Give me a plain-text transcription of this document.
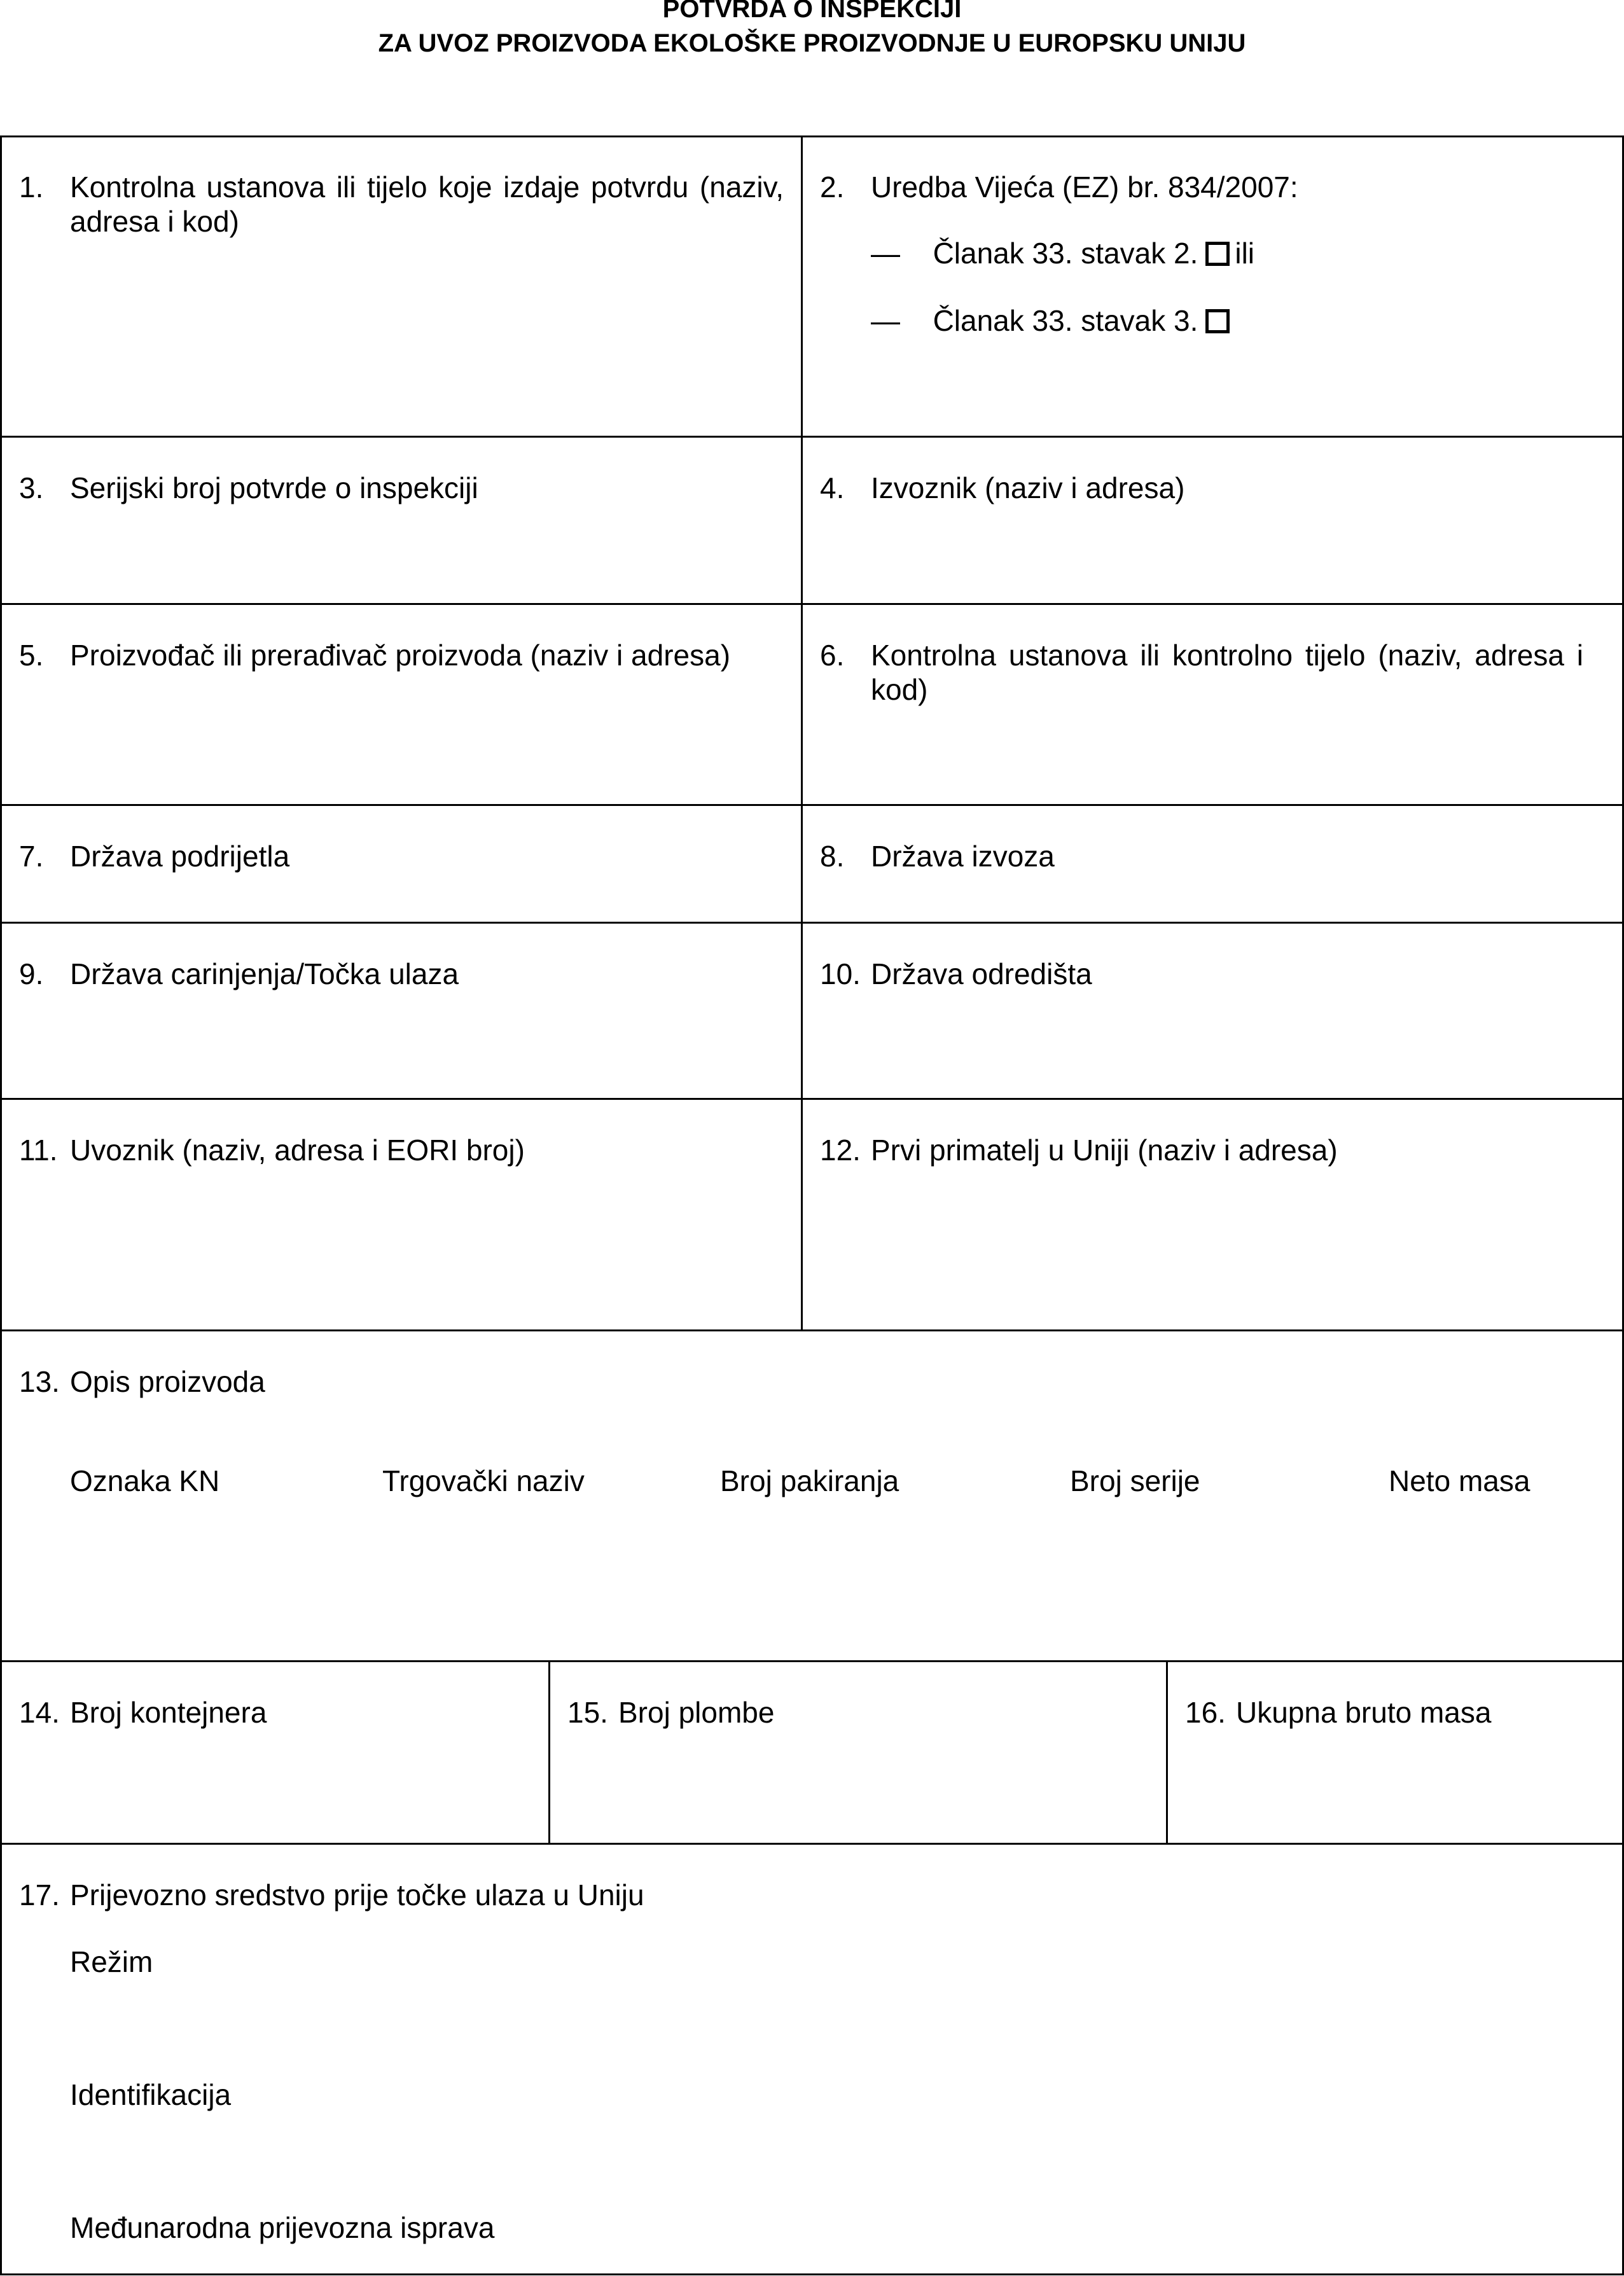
POTVRDA O INSPEKCIJI
ZA UVOZ PROIZVODA EKOLOŠKE PROIZVODNJE U EUROPSKU UNIJU
1. Kontrolna ustanova ili tijelo koje izdaje potvrdu (naziv, adresa i kod)
2. Uredba Vijeća (EZ) br. 834/2007:
— Članak 33. stavak 2. ili
— Članak 33. stavak 3.
3. Serijski broj potvrde o inspekciji	4. Izvoznik (naziv i adresa)
5. Proizvođač ili prerađivač proizvoda (naziv i adresa)	6. Kontrolna ustanova ili kontrolno tijelo (naziv, adresa i kod)
7. Država podrijetla	8. Država izvoza
9. Država carinjenja/Točka ulaza	10. Država odredišta
11. Uvoznik (naziv, adresa i EORI broj)	12. Prvi primatelj u Uniji (naziv i adresa)
13. Opis proizvoda
Oznaka KN	Trgovački naziv	Broj pakiranja	Broj serije	Neto masa
14. Broj kontejnera	15. Broj plombe	16. Ukupna bruto masa
17. Prijevozno sredstvo prije točke ulaza u Uniju
Režim
Identifikacija
Međunarodna prijevozna isprava
